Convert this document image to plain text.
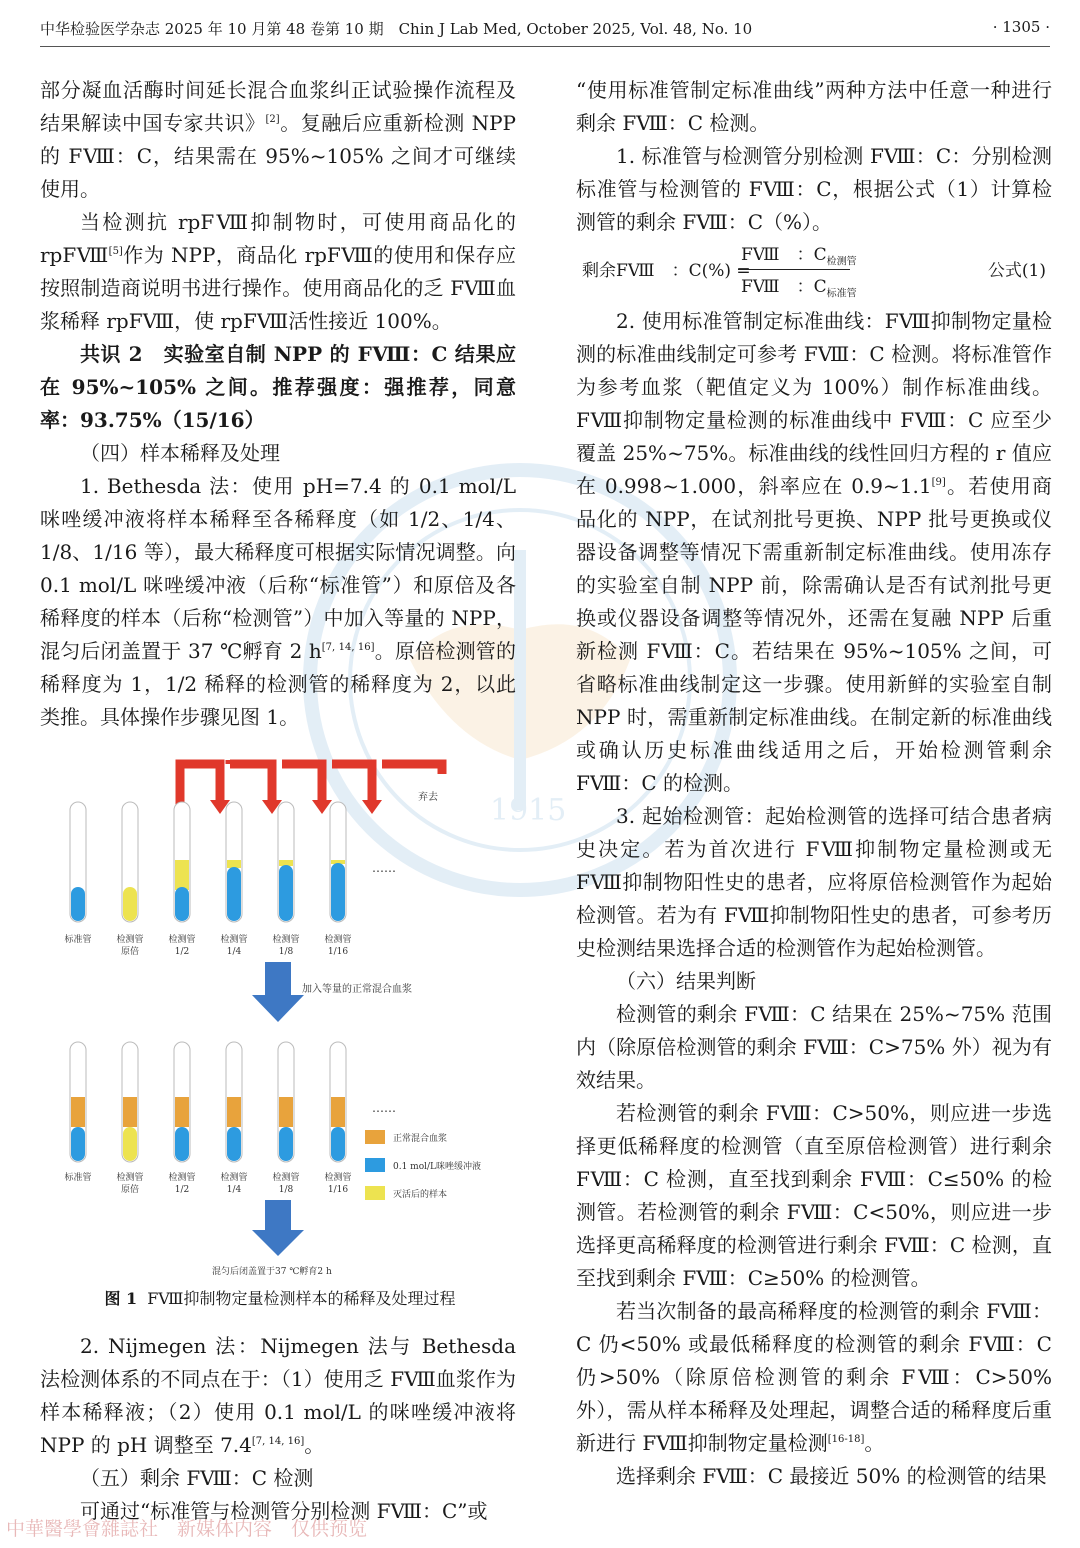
中华检验医学杂志 2025 年 10 月第 48 卷第 10 期　Chin J Lab Med, October 2025, Vol. 48, No. 10	· 1305 ·
1915

部分凝血活酶时间延长混合血浆纠正试验操作流程及结果解读中国专家共识》[2]。复融后应重新检测 NPP 的 FⅧ：C，结果需在 95%~105% 之间才可继续使用。

当检测抗 rpFⅧ抑制物时，可使用商品化的 rpFⅧ[5]作为 NPP，商品化 rpFⅧ的使用和保存应按照制造商说明书进行操作。使用商品化的乏 FⅧ血浆稀释 rpFⅧ，使 rpFⅧ活性接近 100%。

共识 2　实验室自制 NPP 的 FⅧ：C 结果应在 95%~105% 之间。推荐强度：强推荐，同意率：93.75%（15/16）

（四）样本稀释及处理

1. Bethesda 法：使用 pH=7.4 的 0.1 mol/L 咪唑缓冲液将样本稀释至各稀释度（如 1/2、1/4、1/8、1/16 等），最大稀释度可根据实际情况调整。向 0.1 mol/L 咪唑缓冲液（后称“标准管”）和原倍及各稀释度的样本（后称“检测管”）中加入等量的 NPP，混匀后闭盖置于 37 ℃孵育 2 h[7, 14, 16]。原倍检测管的稀释度为 1，1/2 稀释的检测管的稀释度为 2，以此类推。具体操作步骤见图 1。

弃去
……
标准管	检测管
原倍
检测管
1/2
检测管
1/4
检测管
1/8
检测管
1/16
加入等量的正常混合血浆
……
标准管	检测管
原倍
检测管
1/2
检测管
1/4
检测管
1/8
检测管
1/16
正常混合血浆
0.1 mol/L咪唑缓冲液
灭活后的样本
混匀后闭盖置于37 ℃孵育2 h
图 1 FⅧ抑制物定量检测样本的稀释及处理过程

2. Nijmegen 法：Nijmegen 法与 Bethesda 法检测体系的不同点在于：（1）使用乏 FⅧ血浆作为样本稀释液；（2）使用 0.1 mol/L 的咪唑缓冲液将 NPP 的 pH 调整至 7.4[7, 14, 16]。

（五）剩余 FⅧ：C 检测

可通过“标准管与检测管分别检测 FⅧ：C”或

“使用标准管制定标准曲线”两种方法中任意一种进行剩余 FⅧ：C 检测。

1. 标准管与检测管分别检测 FⅧ：C：分别检测标准管与检测管的 FⅧ：C，根据公式（1）计算检测管的剩余 FⅧ：C（%）。

剩余FⅧ　：C(%) =
FⅧ　：$C_{检测管}$
FⅧ　：$C_{标准管}$
公式(1)

2. 使用标准管制定标准曲线：FⅧ抑制物定量检测的标准曲线制定可参考 FⅧ：C 检测。将标准管作为参考血浆（靶值定义为 100%）制作标准曲线。FⅧ抑制物定量检测的标准曲线中 FⅧ：C 应至少覆盖 25%~75%。标准曲线的线性回归方程的 r 值应在 0.998~1.000，斜率应在 0.9~1.1[9]。若使用商品化的 NPP，在试剂批号更换、NPP 批号更换或仪器设备调整等情况下需重新制定标准曲线。使用冻存的实验室自制 NPP 前，除需确认是否有试剂批号更换或仪器设备调整等情况外，还需在复融 NPP 后重新检测 FⅧ：C。若结果在 95%~105% 之间，可省略标准曲线制定这一步骤。使用新鲜的实验室自制 NPP 时，需重新制定标准曲线。在制定新的标准曲线或确认历史标准曲线适用之后，开始检测管剩余 FⅧ：C 的检测。

3. 起始检测管：起始检测管的选择可结合患者病史决定。若为首次进行 FⅧ抑制物定量检测或无 FⅧ抑制物阳性史的患者，应将原倍检测管作为起始检测管。若为有 FⅧ抑制物阳性史的患者，可参考历史检测结果选择合适的检测管作为起始检测管。

（六）结果判断

检测管的剩余 FⅧ：C 结果在 25%~75% 范围内（除原倍检测管的剩余 FⅧ：C>75% 外）视为有效结果。

若检测管的剩余 FⅧ：C>50%，则应进一步选择更低稀释度的检测管（直至原倍检测管）进行剩余 FⅧ：C 检测，直至找到剩余 FⅧ：C≤50% 的检测管。若检测管的剩余 FⅧ：C<50%，则应进一步选择更高稀释度的检测管进行剩余 FⅧ：C 检测，直至找到剩余 FⅧ：C≥50% 的检测管。

若当次制备的最高稀释度的检测管的剩余 FⅧ：C 仍<50% 或最低稀释度的检测管的剩余 FⅧ：C 仍>50%（除原倍检测管的剩余 FⅧ：C>50% 外），需从样本稀释及处理起，调整合适的稀释度后重新进行 FⅧ抑制物定量检测[16-18]。

选择剩余 FⅧ：C 最接近 50% 的检测管的结果

中華醫學會雜誌社　新媒体内容　仅供预览
